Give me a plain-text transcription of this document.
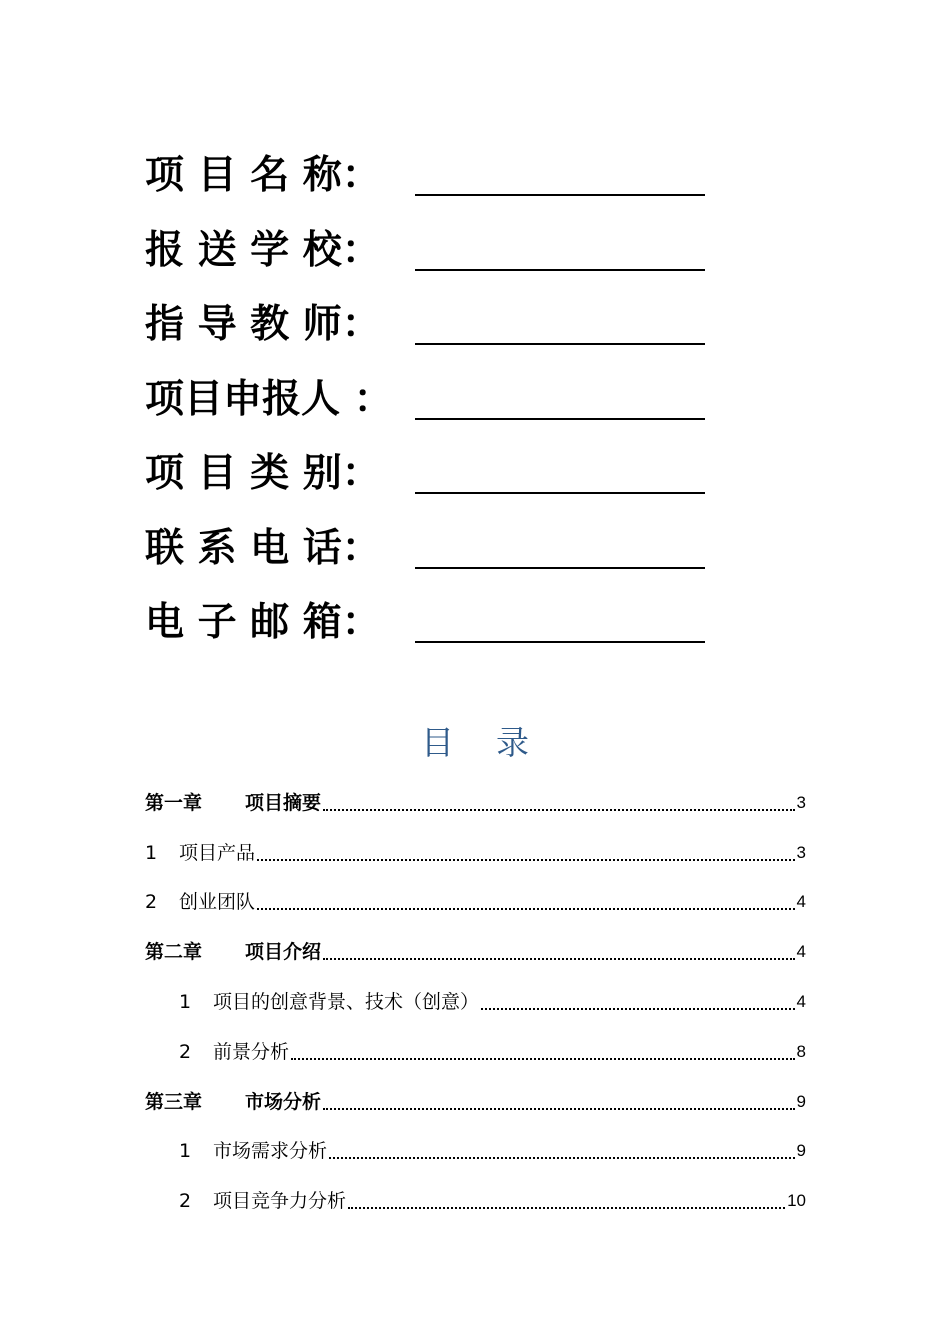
项 目 名 称：
报 送 学 校：
指 导 教 师：
项目申报人 ：
项 目 类 别：
联 系 电 话：
电 子 邮 箱：
目    录
第一章	项目摘要	3
1	项目产品	3
2	创业团队	4
第二章	项目介绍	4
1	项目的创意背景、技术（创意）	4
2	前景分析	8
第三章	市场分析	9
1	市场需求分析	9
2	项目竞争力分析	10
